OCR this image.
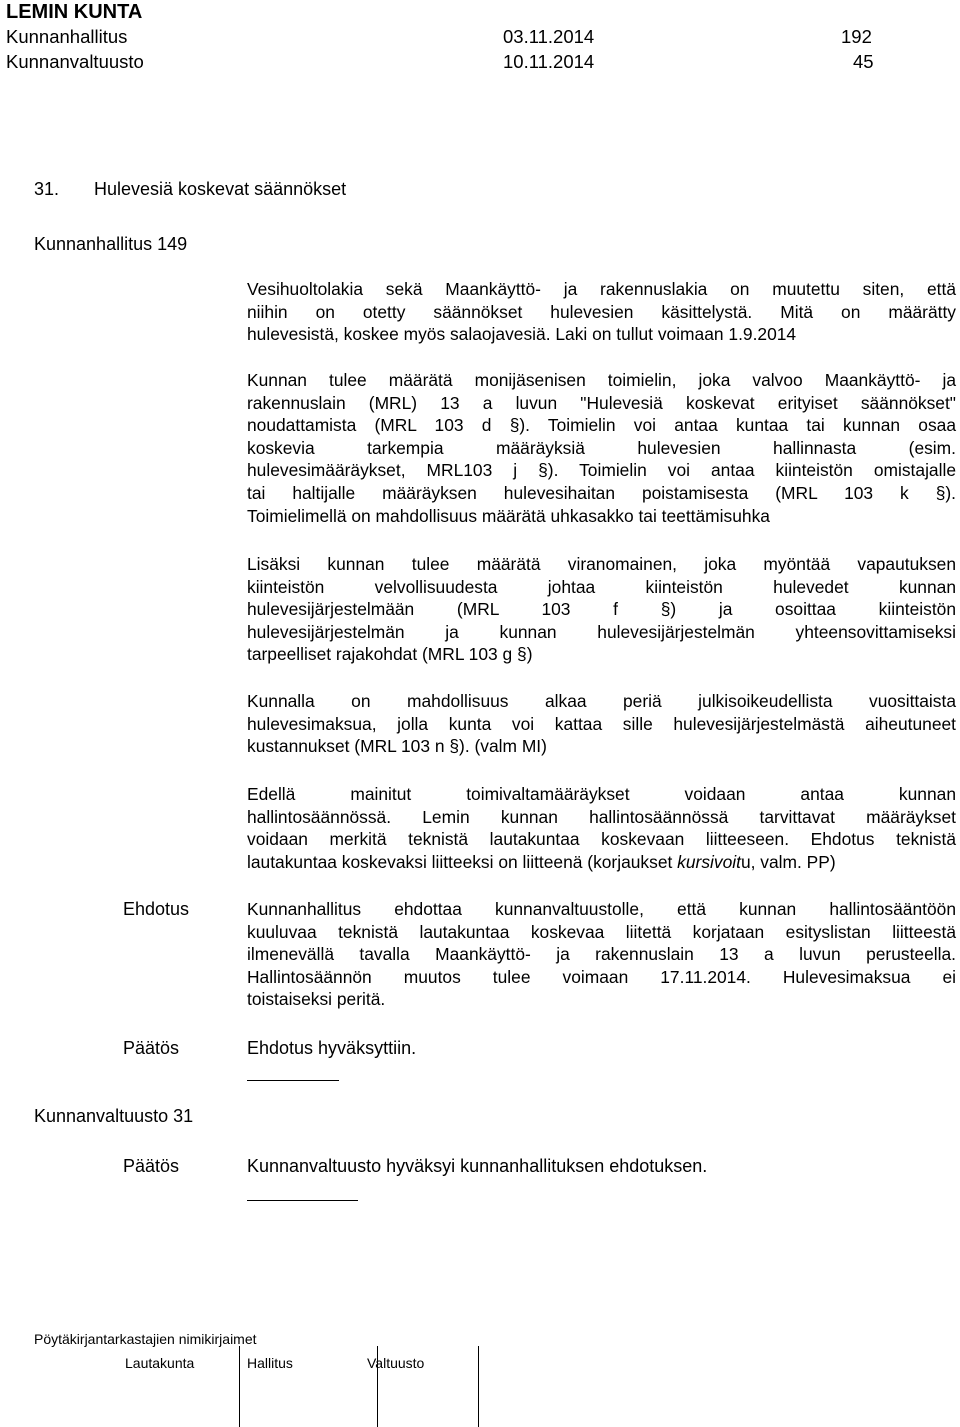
LEMIN KUNTA
Kunnanhallitus	03.11.2014	192
Kunnanvaltuusto	10.11.2014	45
31. Hulevesiä koskevat säännökset
Kunnanhallitus 149
Vesihuoltolakia sekä Maankäyttö- ja rakennuslakia on muutettu siten, että
niihin on otetty säännökset hulevesien käsittelystä. Mitä on määrätty
hulevesistä, koskee myös salaojavesiä. Laki on tullut voimaan 1.9.2014
Kunnan tulee määrätä monijäsenisen toimielin, joka valvoo Maankäyttö- ja
rakennuslain (MRL) 13 a luvun "Hulevesiä koskevat erityiset säännökset"
noudattamista (MRL 103 d §). Toimielin voi antaa kuntaa tai kunnan osaa
koskevia tarkempia määräyksiä hulevesien hallinnasta (esim.
hulevesimääräykset, MRL103 j §). Toimielin voi antaa kiinteistön omistajalle
tai haltijalle määräyksen hulevesihaitan poistamisesta (MRL 103 k §).
Toimielimellä on mahdollisuus määrätä uhkasakko tai teettämisuhka
Lisäksi kunnan tulee määrätä viranomainen, joka myöntää vapautuksen
kiinteistön velvollisuudesta johtaa kiinteistön hulevedet kunnan
hulevesijärjestelmään (MRL 103 f §) ja osoittaa kiinteistön
hulevesijärjestelmän ja kunnan hulevesijärjestelmän yhteensovittamiseksi
tarpeelliset rajakohdat (MRL 103 g §)
Kunnalla on mahdollisuus alkaa periä julkisoikeudellista vuosittaista
hulevesimaksua, jolla kunta voi kattaa sille hulevesijärjestelmästä aiheutuneet
kustannukset (MRL 103 n §). (valm MI)
Edellä mainitut toimivaltamääräykset voidaan antaa kunnan
hallintosäännössä. Lemin kunnan hallintosäännössä tarvittavat määräykset
voidaan merkitä teknistä lautakuntaa koskevaan liitteeseen. Ehdotus teknistä
lautakuntaa koskevaksi liitteeksi on liitteenä (korjaukset kursivoitu, valm. PP)
Ehdotus	Kunnanhallitus ehdottaa kunnanvaltuustolle, että kunnan hallintosääntöön
kuuluvaa teknistä lautakuntaa koskevaa liitettä korjataan esityslistan liitteestä
ilmenevällä tavalla Maankäyttö- ja rakennuslain 13 a luvun perusteella.
Hallintosäännön muutos tulee voimaan 17.11.2014. Hulevesimaksua ei
toistaiseksi peritä.
Päätös	Ehdotus hyväksyttiin.
Kunnanvaltuusto 31
Päätös	Kunnanvaltuusto hyväksyi kunnanhallituksen ehdotuksen.
Pöytäkirjantarkastajien nimikirjaimet
Lautakunta	Hallitus	Valtuusto
